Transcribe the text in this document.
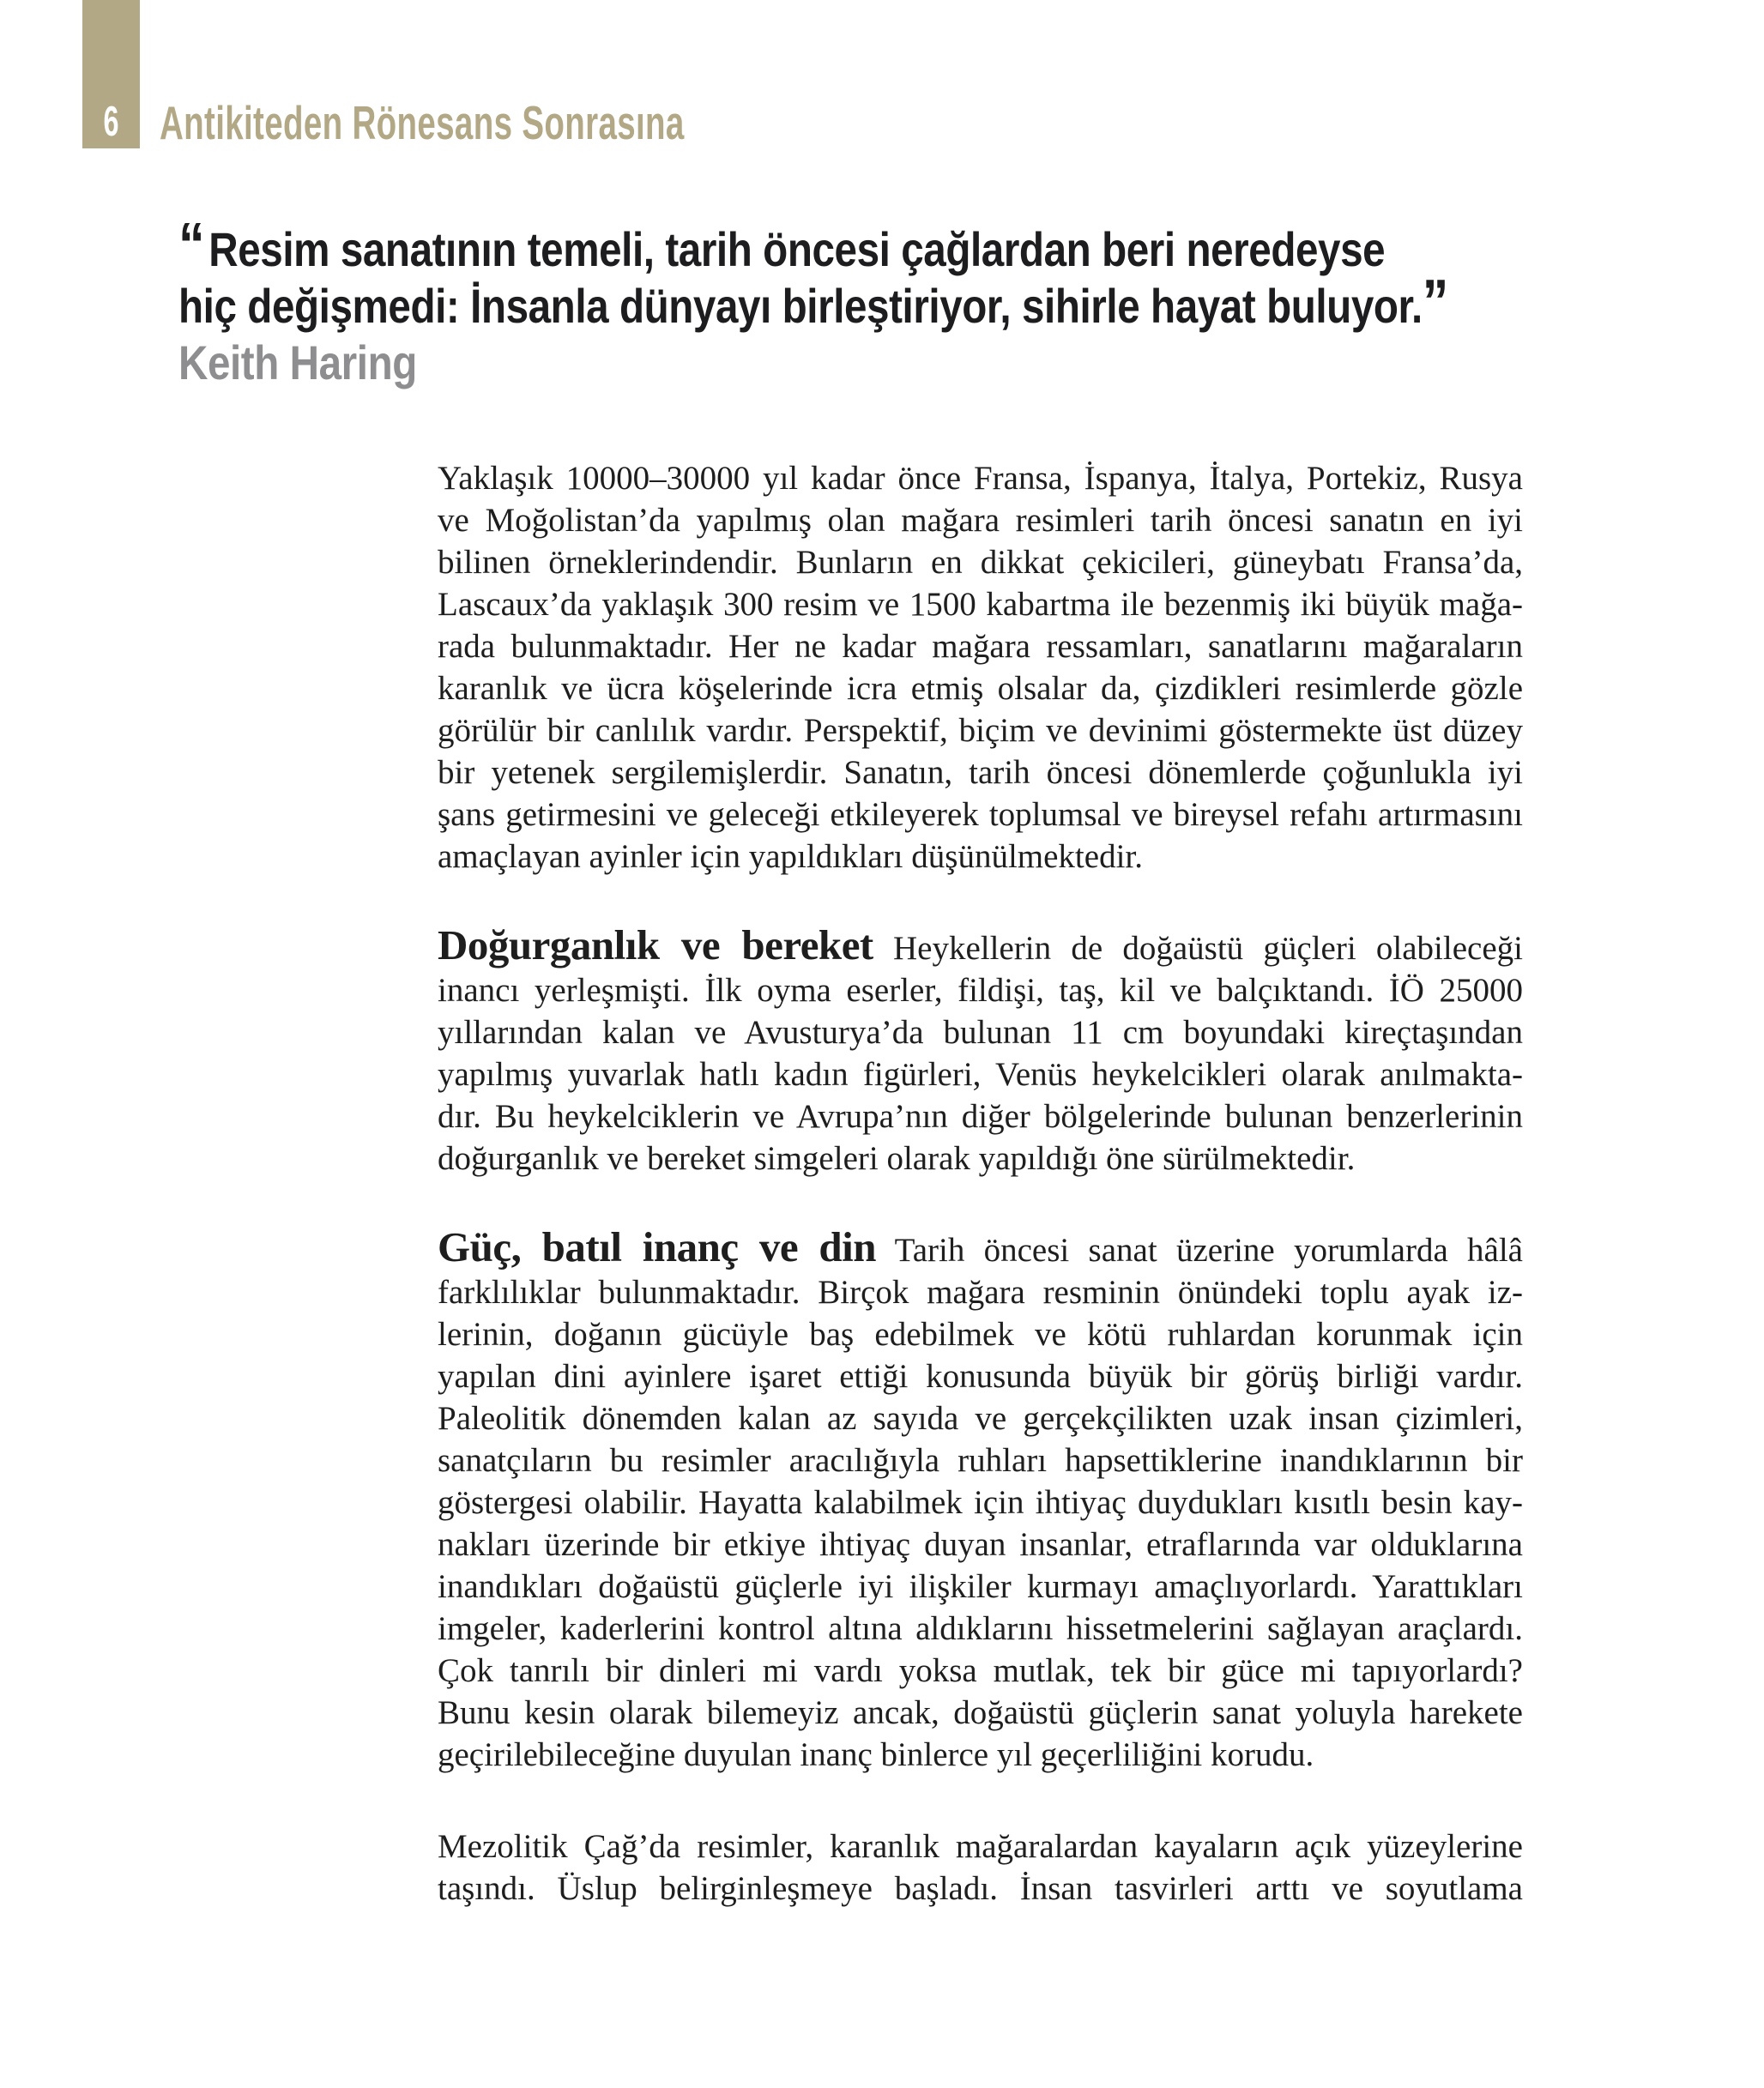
6 Antikiteden Rönesans Sonrasına
“Resim sanatının temeli, tarih öncesi çağlardan beri neredeyse
hiç değişmedi: İnsanla dünyayı birleştiriyor, sihirle hayat buluyor.”
Keith Haring

Yaklaşık 10000–30000 yıl kadar önce Fransa, İspanya, İtalya, Portekiz, Rusya
ve Moğolistan’da yapılmış olan mağara resimleri tarih öncesi sanatın en iyi
bilinen örneklerindendir. Bunların en dikkat çekicileri, güneybatı Fransa’da,
Lascaux’da yaklaşık 300 resim ve 1500 kabartma ile bezenmiş iki büyük mağa-
rada bulunmaktadır. Her ne kadar mağara ressamları, sanatlarını mağaraların
karanlık ve ücra köşelerinde icra etmiş olsalar da, çizdikleri resimlerde gözle
görülür bir canlılık vardır. Perspektif, biçim ve devinimi göstermekte üst düzey
bir yetenek sergilemişlerdir. Sanatın, tarih öncesi dönemlerde çoğunlukla iyi
şans getirmesini ve geleceği etkileyerek toplumsal ve bireysel refahı artırmasını
amaçlayan ayinler için yapıldıkları düşünülmektedir.

Doğurganlık ve bereket Heykellerin de doğaüstü güçleri olabileceği
inancı yerleşmişti. İlk oyma eserler, fildişi, taş, kil ve balçıktandı. İÖ 25000
yıllarından kalan ve Avusturya’da bulunan 11 cm boyundaki kireçtaşından
yapılmış yuvarlak hatlı kadın figürleri, Venüs heykelcikleri olarak anılmakta-
dır. Bu heykelciklerin ve Avrupa’nın diğer bölgelerinde bulunan benzerlerinin
doğurganlık ve bereket simgeleri olarak yapıldığı öne sürülmektedir.

Güç, batıl inanç ve din Tarih öncesi sanat üzerine yorumlarda hâlâ
farklılıklar bulunmaktadır. Birçok mağara resminin önündeki toplu ayak iz-
lerinin, doğanın gücüyle baş edebilmek ve kötü ruhlardan korunmak için
yapılan dini ayinlere işaret ettiği konusunda büyük bir görüş birliği vardır.
Paleolitik dönemden kalan az sayıda ve gerçekçilikten uzak insan çizimleri,
sanatçıların bu resimler aracılığıyla ruhları hapsettiklerine inandıklarının bir
göstergesi olabilir. Hayatta kalabilmek için ihtiyaç duydukları kısıtlı besin kay-
nakları üzerinde bir etkiye ihtiyaç duyan insanlar, etraflarında var olduklarına
inandıkları doğaüstü güçlerle iyi ilişkiler kurmayı amaçlıyorlardı. Yarattıkları
imgeler, kaderlerini kontrol altına aldıklarını hissetmelerini sağlayan araçlardı.
Çok tanrılı bir dinleri mi vardı yoksa mutlak, tek bir güce mi tapıyorlardı?
Bunu kesin olarak bilemeyiz ancak, doğaüstü güçlerin sanat yoluyla harekete
geçirilebileceğine duyulan inanç binlerce yıl geçerliliğini korudu.

Mezolitik Çağ’da resimler, karanlık mağaralardan kayaların açık yüzeylerine
taşındı. Üslup belirginleşmeye başladı. İnsan tasvirleri arttı ve soyutlama
